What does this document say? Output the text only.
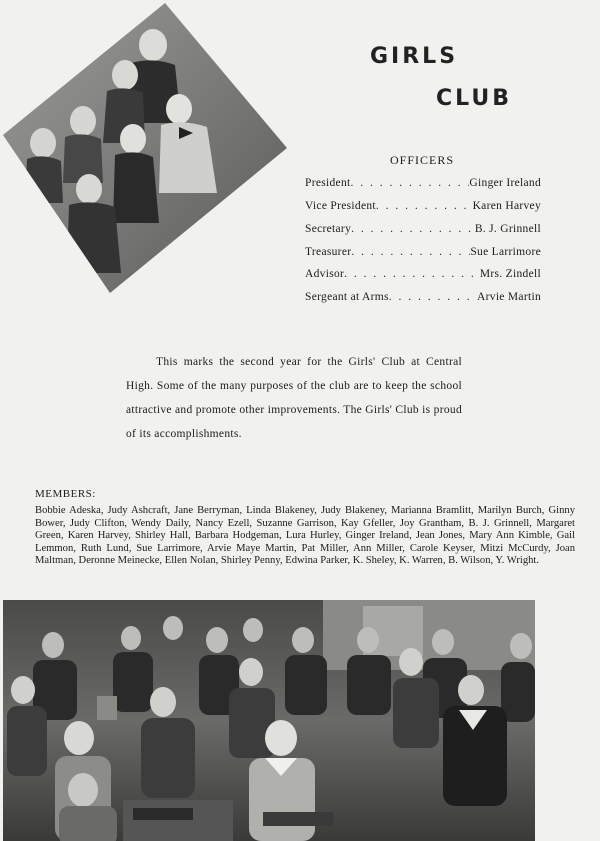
GIRLS
CLUB
OFFICERS
President . . .	Ginger Ireland
Vice President . . .	Karen Harvey
Secretary . . .	B. J. Grinnell
Treasurer . . .	Sue Larrimore
Advisor . . .	Mrs. Zindell
Sergeant at Arms . . .	Arvie Martin

This marks the second year for the Girls' Club at Central High. Some of the many purposes of the club are to keep the school attractive and promote other improvements. The Girls' Club is proud of its accomplishments.

MEMBERS:
Bobbie Adeska, Judy Ashcraft, Jane Berryman, Linda Blakeney, Judy Blakeney, Marianna Bramlitt, Marilyn Burch, Ginny Bower, Judy Clifton, Wendy Daily, Nancy Ezell, Suzanne Garrison, Kay Gfeller, Joy Grantham, B. J. Grinnell, Margaret Green, Karen Harvey, Shirley Hall, Barbara Hodgeman, Lura Hurley, Ginger Ireland, Jean Jones, Mary Ann Kimble, Gail Lemmon, Ruth Lund, Sue Larrimore, Arvie Maye Martin, Pat Miller, Ann Miller, Carole Keyser, Mitzi McCurdy, Joan Maltman, Deronne Meinecke, Ellen Nolan, Shirley Penny, Edwina Parker, K. Sheley, K. Warren, B. Wilson, Y. Wright.
